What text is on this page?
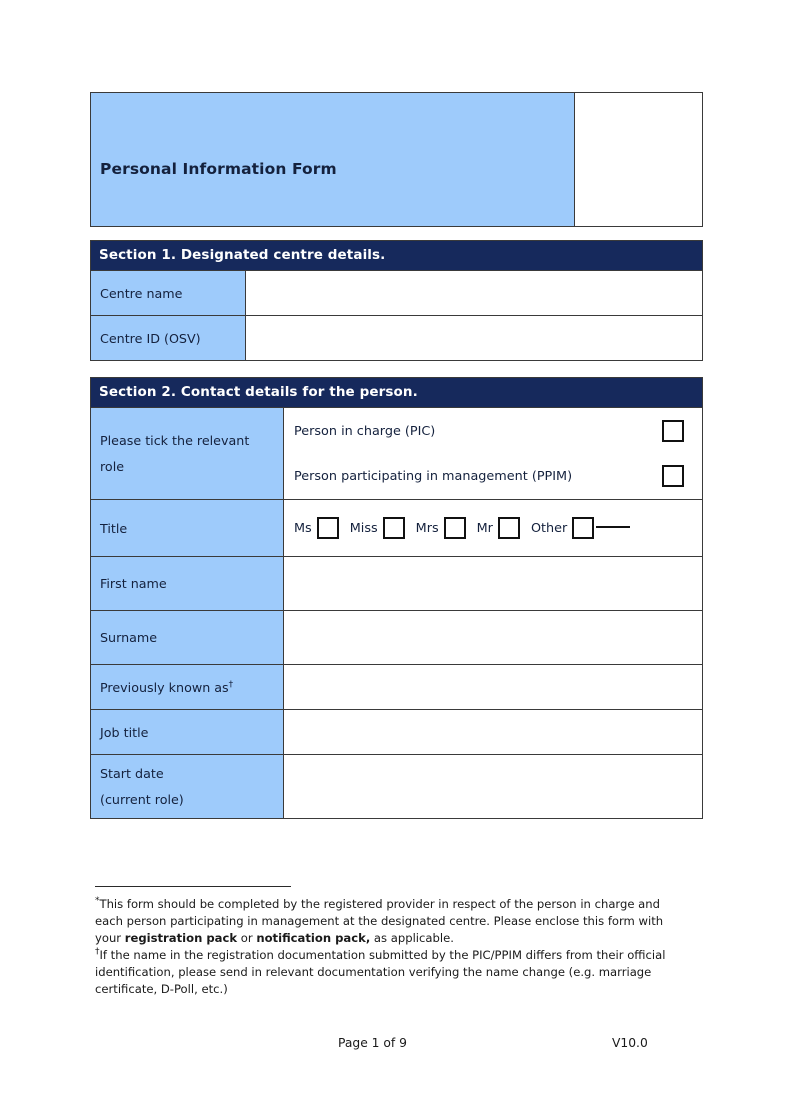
Personal Information Form
Section 1. Designated centre details.
Centre name
Centre ID (OSV)
Section 2. Contact details for the person.
Please tick the relevant
role
Person in charge (PIC)
Person participating in management (PPIM)
Title	Ms	Miss	Mrs	Mr	Other
First name
Surname
Previously known as†
Job title
Start date
(current role)
*This form should be completed by the registered provider in respect of the person in charge and each person participating in management at the designated centre. Please enclose this form with your registration pack or notification pack, as applicable.
†If the name in the registration documentation submitted by the PIC/PPIM differs from their official identification, please send in relevant documentation verifying the name change (e.g. marriage certificate, D-Poll, etc.)
Page 1 of 9	V10.0
